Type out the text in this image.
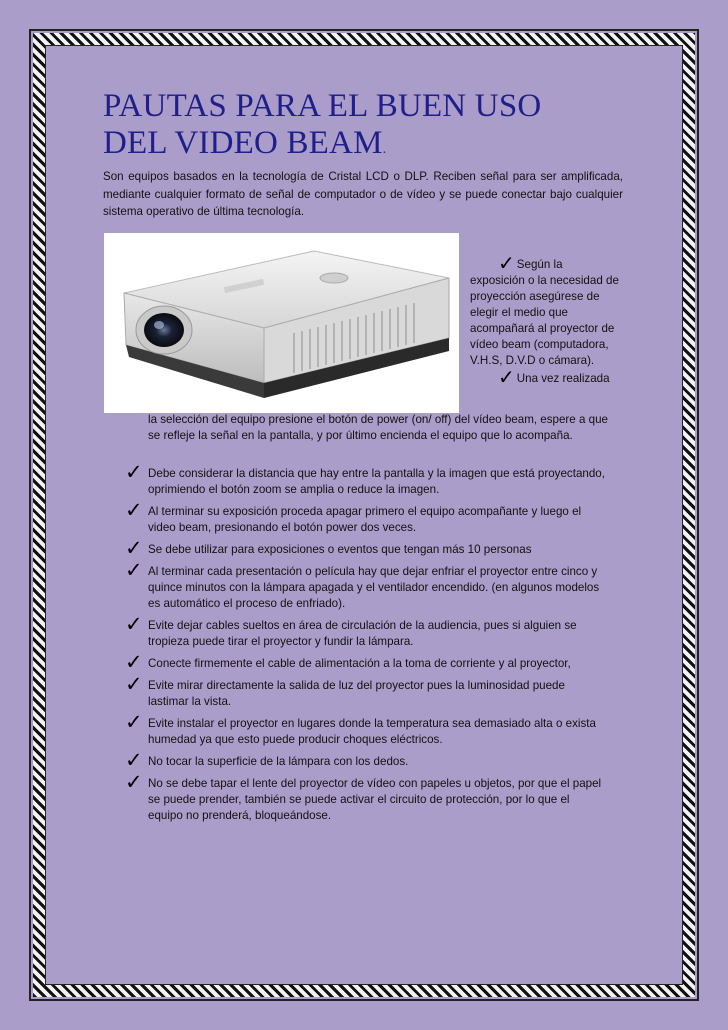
PAUTAS PARA EL BUEN USO
DEL VIDEO BEAM.

Son equipos basados en la tecnología de Cristal LCD o DLP. Reciben señal para ser amplificada, mediante cualquier formato de señal de computador o de vídeo y se puede conectar bajo cualquier sistema operativo de última tecnología.

✓ Según la
exposición o la necesidad de proyección asegúrese de elegir el medio que acompañará al proyector de vídeo beam (computadora, V.H.S, D.V.D o cámara).
✓ Una vez realizada
la selección del equipo presione el botón de power (on/ off) del vídeo beam, espere a que se refleje la señal en la pantalla, y por último encienda el equipo que lo acompaña.
✓ Debe considerar la distancia que hay entre la pantalla y la imagen que está proyectando, oprimiendo el botón zoom se amplia o reduce la imagen.
✓ Al terminar su exposición proceda apagar primero el equipo acompañante y luego el video beam, presionando el botón power dos veces.
✓ Se debe utilizar para exposiciones o eventos que tengan más 10 personas
✓ Al terminar cada presentación o película hay que dejar enfriar el proyector entre cinco y quince minutos con la lámpara apagada y el ventilador encendido. (en algunos modelos es automático el proceso de enfriado).
✓ Evite dejar cables sueltos en área de circulación de la audiencia, pues si alguien se tropieza puede tirar el proyector y fundir la lámpara.
✓ Conecte firmemente el cable de alimentación a la toma de corriente y al proyector,
✓ Evite mirar directamente la salida de luz del proyector pues la luminosidad puede lastimar la vista.
✓ Evite instalar el proyector en lugares donde la temperatura sea demasiado alta o exista humedad ya que esto puede producir choques eléctricos.
✓ No tocar la superficie de la lámpara con los dedos.
✓ No se debe tapar el lente del proyector de vídeo con papeles u objetos, por que el papel se puede prender, también se puede activar el circuito de protección, por lo que el equipo no prenderá, bloqueándose.
